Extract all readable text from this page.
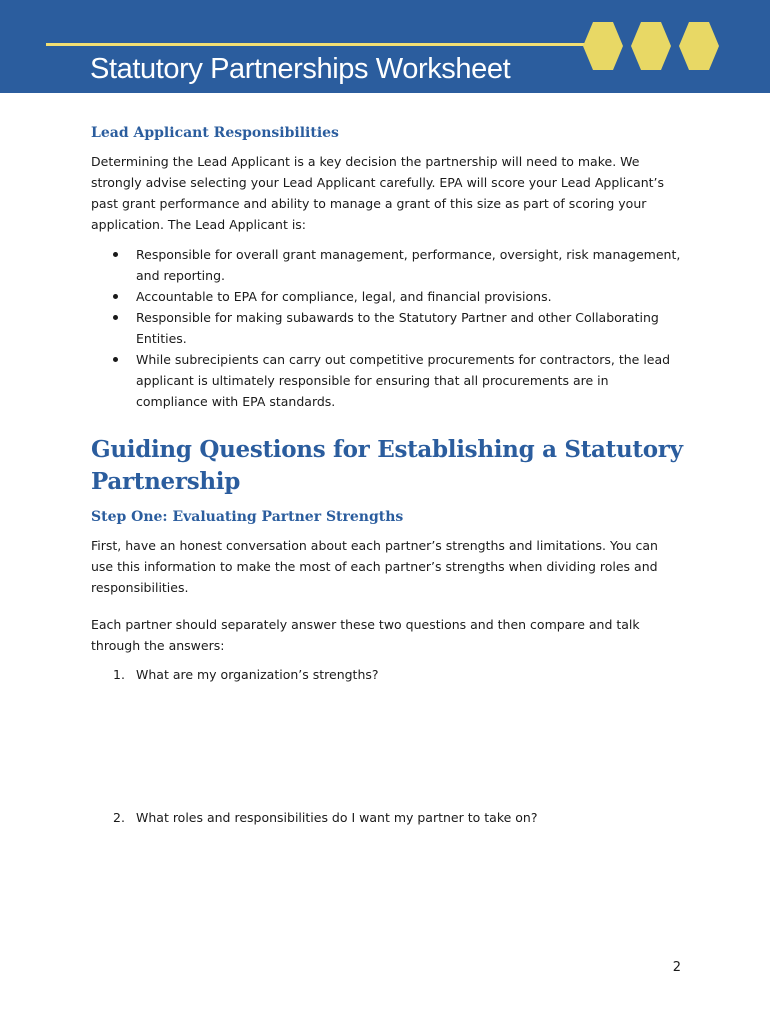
Statutory Partnerships Worksheet
Lead Applicant Responsibilities

Determining the Lead Applicant is a key decision the partnership will need to make. We strongly advise selecting your Lead Applicant carefully. EPA will score your Lead Applicant’s past grant performance and ability to manage a grant of this size as part of scoring your application. The Lead Applicant is:

Responsible for overall grant management, performance, oversight, risk management, and reporting.
Accountable to EPA for compliance, legal, and financial provisions.
Responsible for making subawards to the Statutory Partner and other Collaborating Entities.
While subrecipients can carry out competitive procurements for contractors, the lead applicant is ultimately responsible for ensuring that all procurements are in compliance with EPA standards.
Guiding Questions for Establishing a Statutory Partnership
Step One: Evaluating Partner Strengths

First, have an honest conversation about each partner’s strengths and limitations. You can use this information to make the most of each partner’s strengths when dividing roles and responsibilities.

Each partner should separately answer these two questions and then compare and talk through the answers:

1. What are my organization’s strengths?
2. What roles and responsibilities do I want my partner to take on?
2
